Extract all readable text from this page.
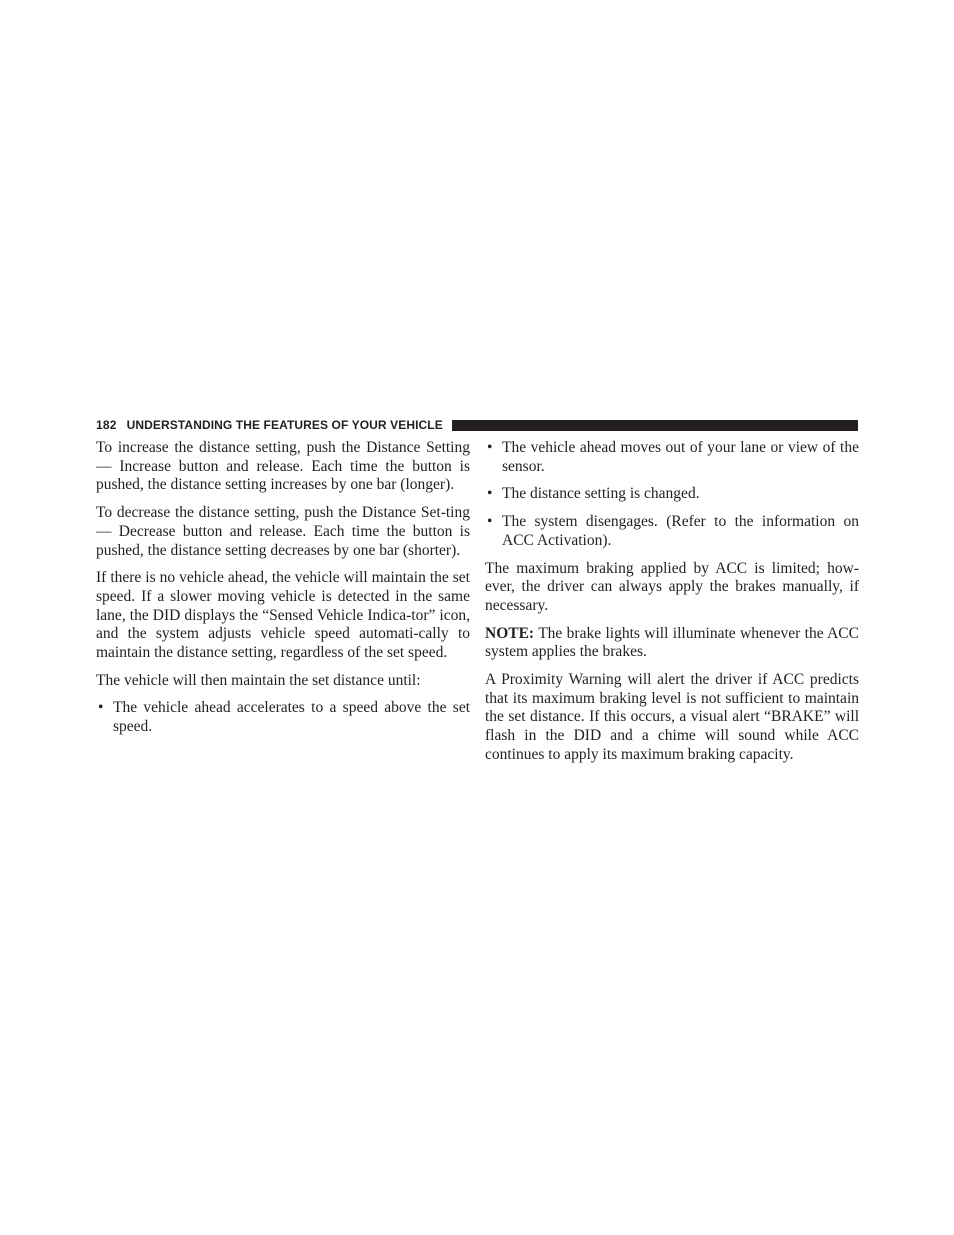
182 UNDERSTANDING THE FEATURES OF YOUR VEHICLE

To increase the distance setting, push the Distance Setting — Increase button and release. Each time the button is pushed, the distance setting increases by one bar (longer).

To decrease the distance setting, push the Distance Set-ting — Decrease button and release. Each time the button is pushed, the distance setting decreases by one bar (shorter).

If there is no vehicle ahead, the vehicle will maintain the set speed. If a slower moving vehicle is detected in the same lane, the DID displays the “Sensed Vehicle Indica-tor” icon, and the system adjusts vehicle speed automati-cally to maintain the distance setting, regardless of the set speed.

The vehicle will then maintain the set distance until:

• The vehicle ahead accelerates to a speed above the set speed.
• The vehicle ahead moves out of your lane or view of the sensor.
• The distance setting is changed.
• The system disengages. (Refer to the information on ACC Activation).

The maximum braking applied by ACC is limited; how-ever, the driver can always apply the brakes manually, if necessary.

NOTE: The brake lights will illuminate whenever the ACC system applies the brakes.

A Proximity Warning will alert the driver if ACC predicts that its maximum braking level is not sufficient to maintain the set distance. If this occurs, a visual alert “BRAKE” will flash in the DID and a chime will sound while ACC continues to apply its maximum braking capacity.
